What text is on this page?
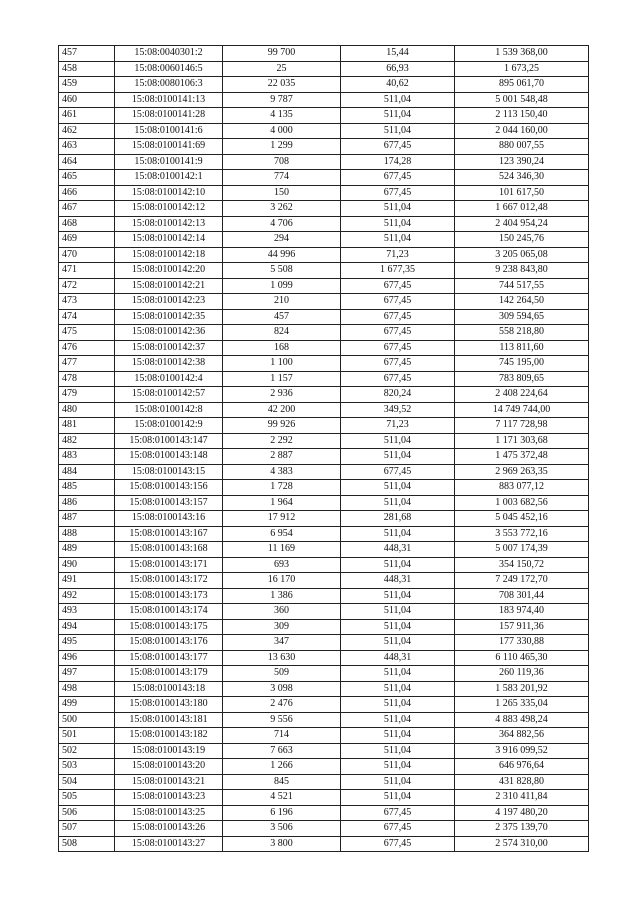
457	15:08:0040301:2	99 700	15,44	1 539 368,00
458	15:08:0060146:5	25	66,93	1 673,25
459	15:08:0080106:3	22 035	40,62	895 061,70
460	15:08:0100141:13	9 787	511,04	5 001 548,48
461	15:08:0100141:28	4 135	511,04	2 113 150,40
462	15:08:0100141:6	4 000	511,04	2 044 160,00
463	15:08:0100141:69	1 299	677,45	880 007,55
464	15:08:0100141:9	708	174,28	123 390,24
465	15:08:0100142:1	774	677,45	524 346,30
466	15:08:0100142:10	150	677,45	101 617,50
467	15:08:0100142:12	3 262	511,04	1 667 012,48
468	15:08:0100142:13	4 706	511,04	2 404 954,24
469	15:08:0100142:14	294	511,04	150 245,76
470	15:08:0100142:18	44 996	71,23	3 205 065,08
471	15:08:0100142:20	5 508	1 677,35	9 238 843,80
472	15:08:0100142:21	1 099	677,45	744 517,55
473	15:08:0100142:23	210	677,45	142 264,50
474	15:08:0100142:35	457	677,45	309 594,65
475	15:08:0100142:36	824	677,45	558 218,80
476	15:08:0100142:37	168	677,45	113 811,60
477	15:08:0100142:38	1 100	677,45	745 195,00
478	15:08:0100142:4	1 157	677,45	783 809,65
479	15:08:0100142:57	2 936	820,24	2 408 224,64
480	15:08:0100142:8	42 200	349,52	14 749 744,00
481	15:08:0100142:9	99 926	71,23	7 117 728,98
482	15:08:0100143:147	2 292	511,04	1 171 303,68
483	15:08:0100143:148	2 887	511,04	1 475 372,48
484	15:08:0100143:15	4 383	677,45	2 969 263,35
485	15:08:0100143:156	1 728	511,04	883 077,12
486	15:08:0100143:157	1 964	511,04	1 003 682,56
487	15:08:0100143:16	17 912	281,68	5 045 452,16
488	15:08:0100143:167	6 954	511,04	3 553 772,16
489	15:08:0100143:168	11 169	448,31	5 007 174,39
490	15:08:0100143:171	693	511,04	354 150,72
491	15:08:0100143:172	16 170	448,31	7 249 172,70
492	15:08:0100143:173	1 386	511,04	708 301,44
493	15:08:0100143:174	360	511,04	183 974,40
494	15:08:0100143:175	309	511,04	157 911,36
495	15:08:0100143:176	347	511,04	177 330,88
496	15:08:0100143:177	13 630	448,31	6 110 465,30
497	15:08:0100143:179	509	511,04	260 119,36
498	15:08:0100143:18	3 098	511,04	1 583 201,92
499	15:08:0100143:180	2 476	511,04	1 265 335,04
500	15:08:0100143:181	9 556	511,04	4 883 498,24
501	15:08:0100143:182	714	511,04	364 882,56
502	15:08:0100143:19	7 663	511,04	3 916 099,52
503	15:08:0100143:20	1 266	511,04	646 976,64
504	15:08:0100143:21	845	511,04	431 828,80
505	15:08:0100143:23	4 521	511,04	2 310 411,84
506	15:08:0100143:25	6 196	677,45	4 197 480,20
507	15:08:0100143:26	3 506	677,45	2 375 139,70
508	15:08:0100143:27	3 800	677,45	2 574 310,00
